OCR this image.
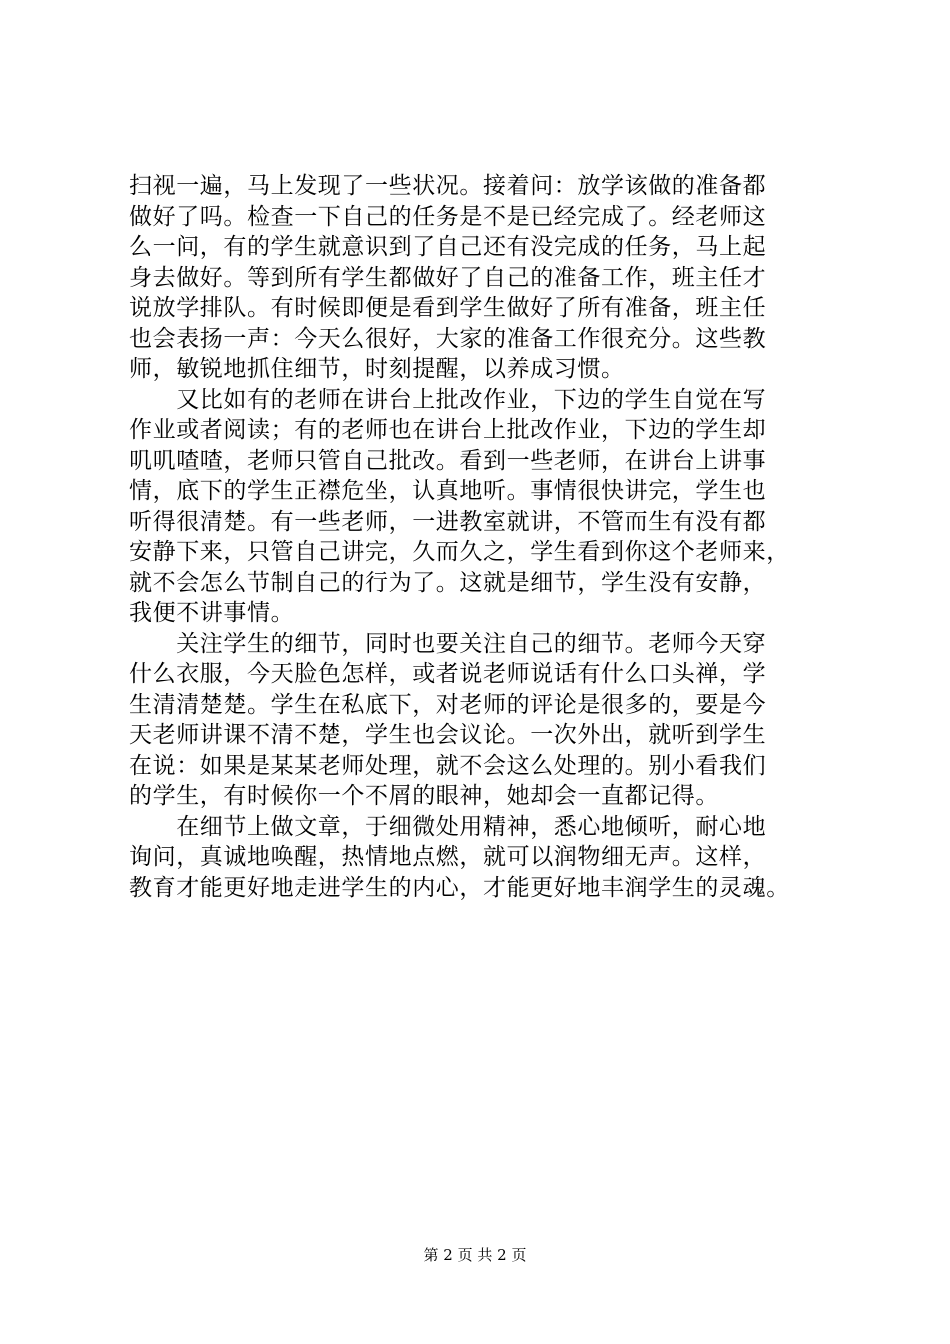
扫视一遍，马上发现了一些状况。接着问：放学该做的准备都
做好了吗。检查一下自己的任务是不是已经完成了。经老师这
么一问，有的学生就意识到了自己还有没完成的任务，马上起
身去做好。等到所有学生都做好了自己的准备工作，班主任才
说放学排队。有时候即便是看到学生做好了所有准备，班主任
也会表扬一声：今天么很好，大家的准备工作很充分。这些教
师，敏锐地抓住细节，时刻提醒，以养成习惯。
　　又比如有的老师在讲台上批改作业，下边的学生自觉在写
作业或者阅读；有的老师也在讲台上批改作业，下边的学生却
叽叽喳喳，老师只管自己批改。看到一些老师，在讲台上讲事
情，底下的学生正襟危坐，认真地听。事情很快讲完，学生也
听得很清楚。有一些老师，一进教室就讲，不管而生有没有都
安静下来，只管自己讲完，久而久之，学生看到你这个老师来，
就不会怎么节制自己的行为了。这就是细节，学生没有安静，
我便不讲事情。
　　关注学生的细节，同时也要关注自己的细节。老师今天穿
什么衣服，今天脸色怎样，或者说老师说话有什么口头禅，学
生清清楚楚。学生在私底下，对老师的评论是很多的，要是今
天老师讲课不清不楚，学生也会议论。一次外出，就听到学生
在说：如果是某某老师处理，就不会这么处理的。别小看我们
的学生，有时候你一个不屑的眼神，她却会一直都记得。
　　在细节上做文章，于细微处用精神，悉心地倾听，耐心地
询问，真诚地唤醒，热情地点燃，就可以润物细无声。这样，
教育才能更好地走进学生的内心，才能更好地丰润学生的灵魂。
第 2 页 共 2 页
